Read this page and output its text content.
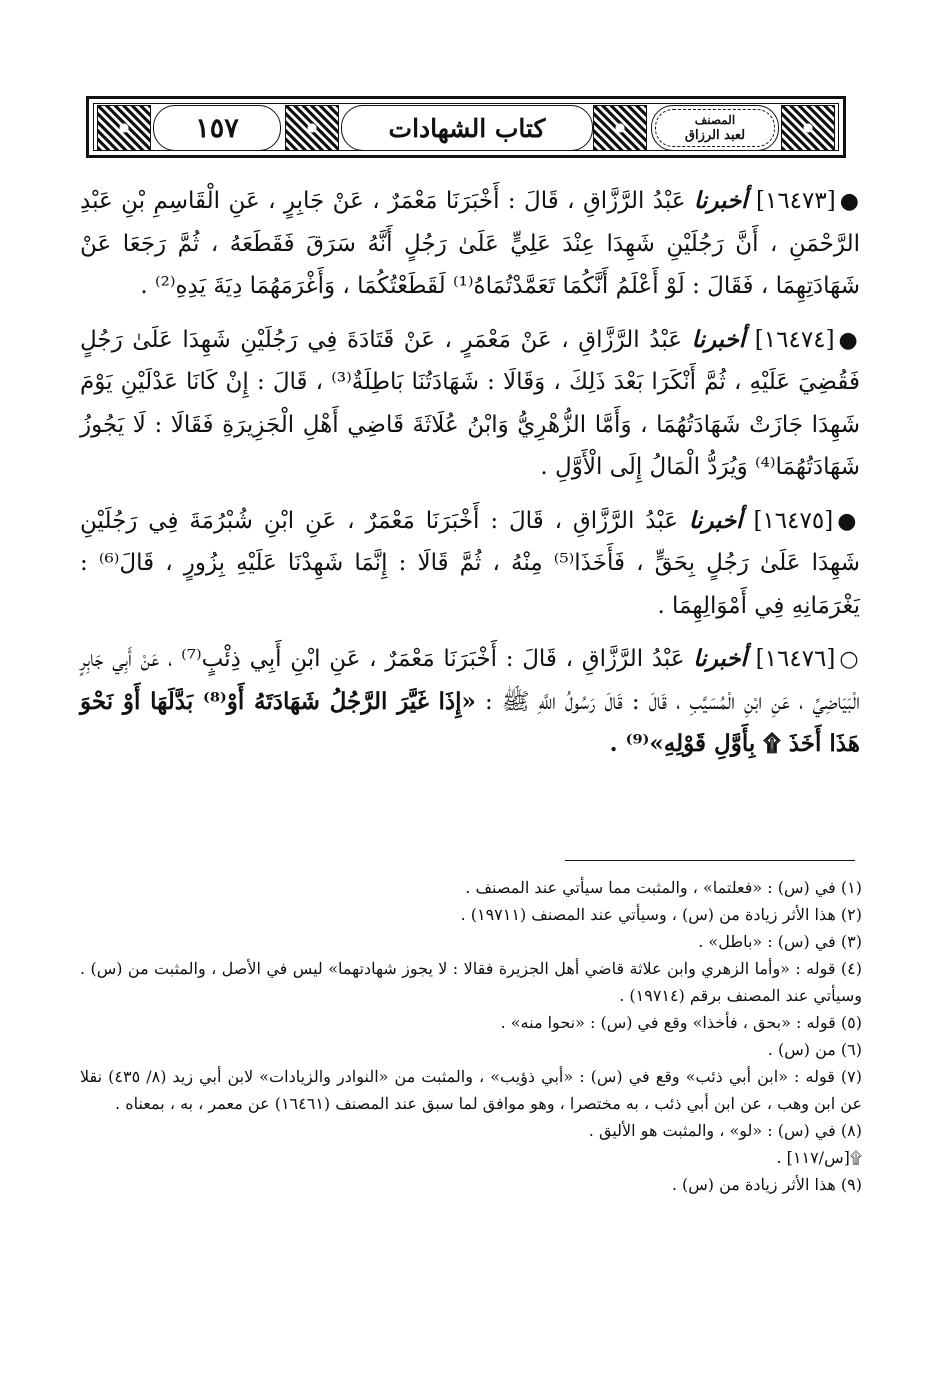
١٥٧	كتاب الشهادات	المصنف
لعبد الرزاق

●[١٦٤٧٣] أخبرنا عَبْدُ الرَّزَّاقِ ، قَالَ : أَخْبَرَنَا مَعْمَرٌ ، عَنْ جَابِرٍ ، عَنِ الْقَاسِمِ بْنِ عَبْدِ الرَّحْمَنِ ، أَنَّ رَجُلَيْنِ شَهِدَا عِنْدَ عَلِيٍّ عَلَىٰ رَجُلٍ أَنَّهُ سَرَقَ فَقَطَعَهُ ، ثُمَّ رَجَعَا عَنْ شَهَادَتِهِمَا ، فَقَالَ : لَوْ أَعْلَمُ أَنَّكُمَا تَعَمَّدْتُمَاهُ⁽¹⁾ لَقَطَعْتُكُمَا ، وَأَغْرَمَهُمَا دِيَةَ يَدِهِ⁽²⁾ .

●[١٦٤٧٤] أخبرنا عَبْدُ الرَّزَّاقِ ، عَنْ مَعْمَرٍ ، عَنْ قَتَادَةَ فِي رَجُلَيْنِ شَهِدَا عَلَىٰ رَجُلٍ فَقُضِيَ عَلَيْهِ ، ثُمَّ أَنْكَرَا بَعْدَ ذَلِكَ ، وَقَالَا : شَهَادَتُنَا بَاطِلَةٌ⁽³⁾ ، قَالَ : إِنْ كَانَا عَدْلَيْنِ يَوْمَ شَهِدَا جَازَتْ شَهَادَتُهُمَا ، وَأَمَّا الزُّهْرِيُّ وَابْنُ عُلَاثَةَ قَاضِي أَهْلِ الْجَزِيرَةِ فَقَالَا : لَا يَجُوزُ شَهَادَتُهُمَا⁽⁴⁾ وَيُرَدُّ الْمَالُ إِلَى الْأَوَّلِ .

●[١٦٤٧٥] أخبرنا عَبْدُ الرَّزَّاقِ ، قَالَ : أَخْبَرَنَا مَعْمَرٌ ، عَنِ ابْنِ شُبْرُمَةَ فِي رَجُلَيْنِ شَهِدَا عَلَىٰ رَجُلٍ بِحَقٍّ ، فَأَخَذَا⁽⁵⁾ مِنْهُ ، ثُمَّ قَالَا : إِنَّمَا شَهِدْنَا عَلَيْهِ بِزُورٍ ، قَالَ⁽⁶⁾ : يَغْرَمَانِهِ فِي أَمْوَالِهِمَا .

○[١٦٤٧٦] أخبرنا عَبْدُ الرَّزَّاقِ ، قَالَ : أَخْبَرَنَا مَعْمَرٌ ، عَنِ ابْنِ أَبِي ذِئْبٍ⁽⁷⁾ ، عَنْ أَبِي جَابِرٍ الْبَيَاضِيِّ ، عَنِ ابْنِ الْمُسَيَّبِ ، قَالَ : قَالَ رَسُولُ اللَّهِ ﷺ : «إِذَا غَيَّرَ الرَّجُلُ شَهَادَتَهُ أَوْ⁽⁸⁾ بَدَّلَهَا أَوْ نَحْوَ هَذَا أَخَذَ ۩ بِأَوَّلِ قَوْلِهِ»⁽⁹⁾ .

(١) في (س) : «فعلتما» ، والمثبت مما سيأتي عند المصنف .

(٢) هذا الأثر زيادة من (س) ، وسيأتي عند المصنف (١٩٧١١) .

(٣) في (س) : «باطل» .

(٤) قوله : «وأما الزهري وابن علاثة قاضي أهل الجزيرة فقالا : لا يجوز شهادتهما» ليس في الأصل ، والمثبت من (س) . وسيأتي عند المصنف برقم (١٩٧١٤) .

(٥) قوله : «بحق ، فأخذا» وقع في (س) : «نحوا منه» .

(٦) من (س) .

(٧) قوله : «ابن أبي ذئب» وقع في (س) : «أبي ذؤيب» ، والمثبت من «النوادر والزيادات» لابن أبي زيد (٨/ ٤٣٥) نقلا عن ابن وهب ، عن ابن أبي ذئب ، به مختصرا ، وهو موافق لما سبق عند المصنف (١٦٤٦١) عن معمر ، به ، بمعناه .

(٨) في (س) : «لو» ، والمثبت هو الأليق .

۩[س/١١٧] .

(٩) هذا الأثر زيادة من (س) .
